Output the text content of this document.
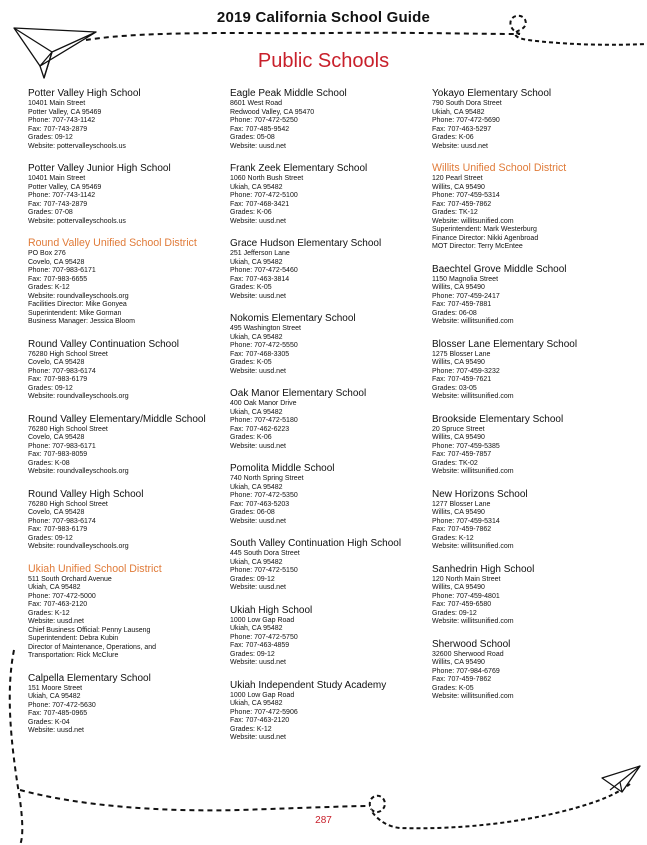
2019 California School Guide
Public Schools
Potter Valley High School
10401 Main Street
Potter Valley, CA 95469
Phone: 707-743-1142
Fax: 707-743-2879
Grades: 09-12
Website: pottervalleyschools.us
Potter Valley Junior High School
10401 Main Street
Potter Valley, CA 95469
Phone: 707-743-1142
Fax: 707-743-2879
Grades: 07-08
Website: pottervalleyschools.us
Round Valley Unified School District
PO Box 276
Covelo, CA 95428
Phone: 707-983-6171
Fax: 707-983-6655
Grades: K-12
Website: roundvalleyschools.org
Facilities Director: Mike Gonyea
Superintendent: Mike Gorman
Business Manager: Jessica Bloom
Round Valley Continuation School
76280 High School Street
Covelo, CA 95428
Phone: 707-983-6174
Fax: 707-983-6179
Grades: 09-12
Website: roundvalleyschools.org
Round Valley Elementary/Middle School
76280 High School Street
Covelo, CA 95428
Phone: 707-983-6171
Fax: 707-983-8059
Grades: K-08
Website: roundvalleyschools.org
Round Valley High School
76280 High School Street
Covelo, CA 95428
Phone: 707-983-6174
Fax: 707-983-6179
Grades: 09-12
Website: roundvalleyschools.org
Ukiah Unified School District
511 South Orchard Avenue
Ukiah, CA 95482
Phone: 707-472-5000
Fax: 707-463-2120
Grades: K-12
Website: uusd.net
Chief Business Official: Penny Lauseng
Superintendent: Debra Kubin
Director of Maintenance, Operations, and
Transportation: Rick McClure
Calpella Elementary School
151 Moore Street
Ukiah, CA 95482
Phone: 707-472-5630
Fax: 707-485-0965
Grades: K-04
Website: uusd.net
Eagle Peak Middle School
8601 West Road
Redwood Valley, CA 95470
Phone: 707-472-5250
Fax: 707-485-9542
Grades: 05-08
Website: uusd.net
Frank Zeek Elementary School
1060 North Bush Street
Ukiah, CA 95482
Phone: 707-472-5100
Fax: 707-468-3421
Grades: K-06
Website: uusd.net
Grace Hudson Elementary School
251 Jefferson Lane
Ukiah, CA 95482
Phone: 707-472-5460
Fax: 707-463-3814
Grades: K-05
Website: uusd.net
Nokomis Elementary School
495 Washington Street
Ukiah, CA 95482
Phone: 707-472-5550
Fax: 707-468-3305
Grades: K-05
Website: uusd.net
Oak Manor Elementary School
400 Oak Manor Drive
Ukiah, CA 95482
Phone: 707-472-5180
Fax: 707-462-6223
Grades: K-06
Website: uusd.net
Pomolita Middle School
740 North Spring Street
Ukiah, CA 95482
Phone: 707-472-5350
Fax: 707-463-5203
Grades: 06-08
Website: uusd.net
South Valley Continuation High School
445 South Dora Street
Ukiah, CA 95482
Phone: 707-472-5150
Grades: 09-12
Website: uusd.net
Ukiah High School
1000 Low Gap Road
Ukiah, CA 95482
Phone: 707-472-5750
Fax: 707-463-4859
Grades: 09-12
Website: uusd.net
Ukiah Independent Study Academy
1000 Low Gap Road
Ukiah, CA 95482
Phone: 707-472-5906
Fax: 707-463-2120
Grades: K-12
Website: uusd.net
Yokayo Elementary School
790 South Dora Street
Ukiah, CA 95482
Phone: 707-472-5690
Fax: 707-463-5297
Grades: K-06
Website: uusd.net
Willits Unified School District
120 Pearl Street
Willits, CA 95490
Phone: 707-459-5314
Fax: 707-459-7862
Grades: TK-12
Website: willitsunified.com
Superintendent: Mark Westerburg
Finance Director: Nikki Agenbroad
MOT Director: Terry McEntee
Baechtel Grove Middle School
1150 Magnolia Street
Willits, CA 95490
Phone: 707-459-2417
Fax: 707-459-7881
Grades: 06-08
Website: willitsunified.com
Blosser Lane Elementary School
1275 Blosser Lane
Willits, CA 95490
Phone: 707-459-3232
Fax: 707-459-7621
Grades: 03-05
Website: willitsunified.com
Brookside Elementary School
20 Spruce Street
Willits, CA 95490
Phone: 707-459-5385
Fax: 707-459-7857
Grades: TK-02
Website: willitsunified.com
New Horizons School
1277 Blosser Lane
Willits, CA 95490
Phone: 707-459-5314
Fax: 707-459-7862
Grades: K-12
Website: willitsunified.com
Sanhedrin High School
120 North Main Street
Willits, CA 95490
Phone: 707-459-4801
Fax: 707-459-6580
Grades: 09-12
Website: willitsunified.com
Sherwood School
32600 Sherwood Road
Willits, CA 95490
Phone: 707-984-6769
Fax: 707-459-7862
Grades: K-05
Website: willitsunified.com
287
